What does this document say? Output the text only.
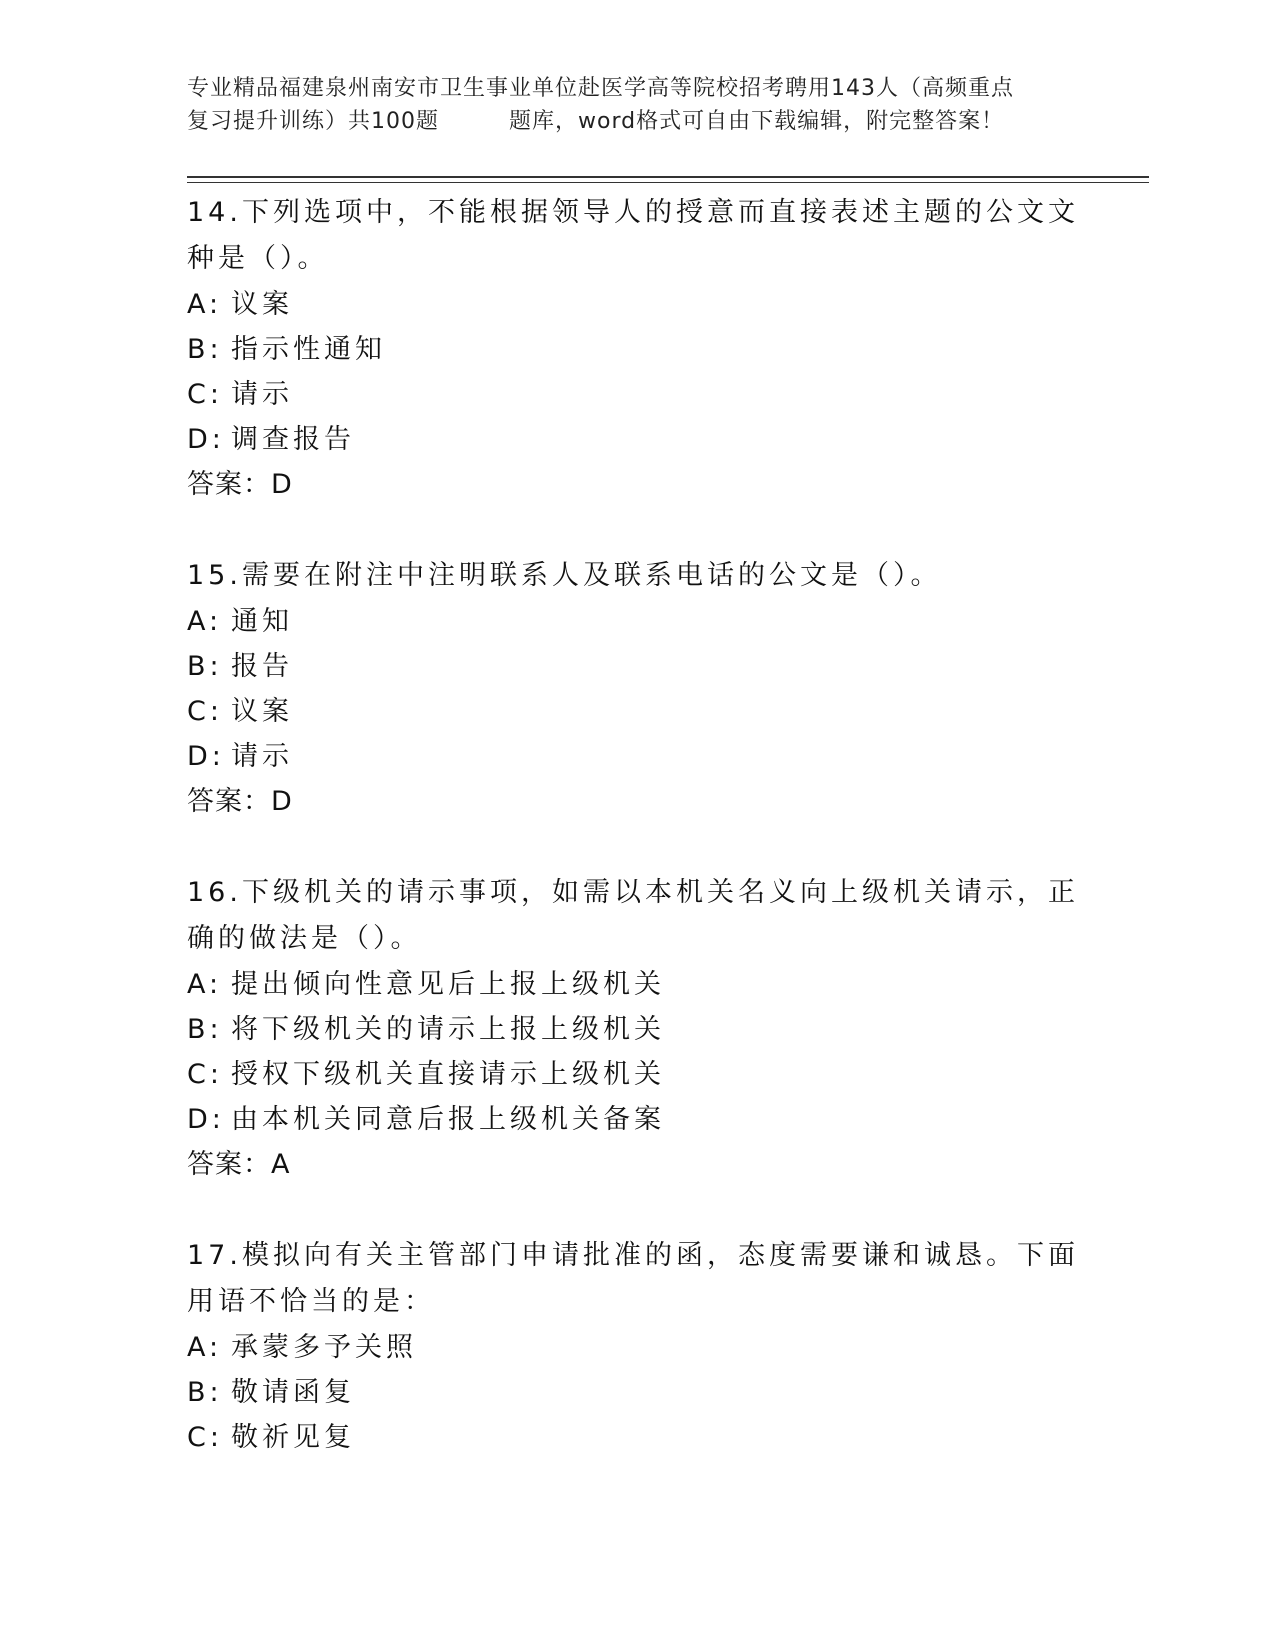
专业精品福建泉州南安市卫生事业单位赴医学高等院校招考聘用143人（高频重点
复习提升训练）共100题	题库，word格式可自由下载编辑，附完整答案！

14.下列选项中，不能根据领导人的授意而直接表述主题的公文文种是（）。

A: 议案

B: 指示性通知

C: 请示

D: 调查报告

答案：D

15.需要在附注中注明联系人及联系电话的公文是（）。

A: 通知

B: 报告

C: 议案

D: 请示

答案：D

16.下级机关的请示事项，如需以本机关名义向上级机关请示，正确的做法是（）。

A: 提出倾向性意见后上报上级机关

B: 将下级机关的请示上报上级机关

C: 授权下级机关直接请示上级机关

D: 由本机关同意后报上级机关备案

答案：A

17.模拟向有关主管部门申请批准的函，态度需要谦和诚恳。下面用语不恰当的是：

A: 承蒙多予关照

B: 敬请函复

C: 敬祈见复
